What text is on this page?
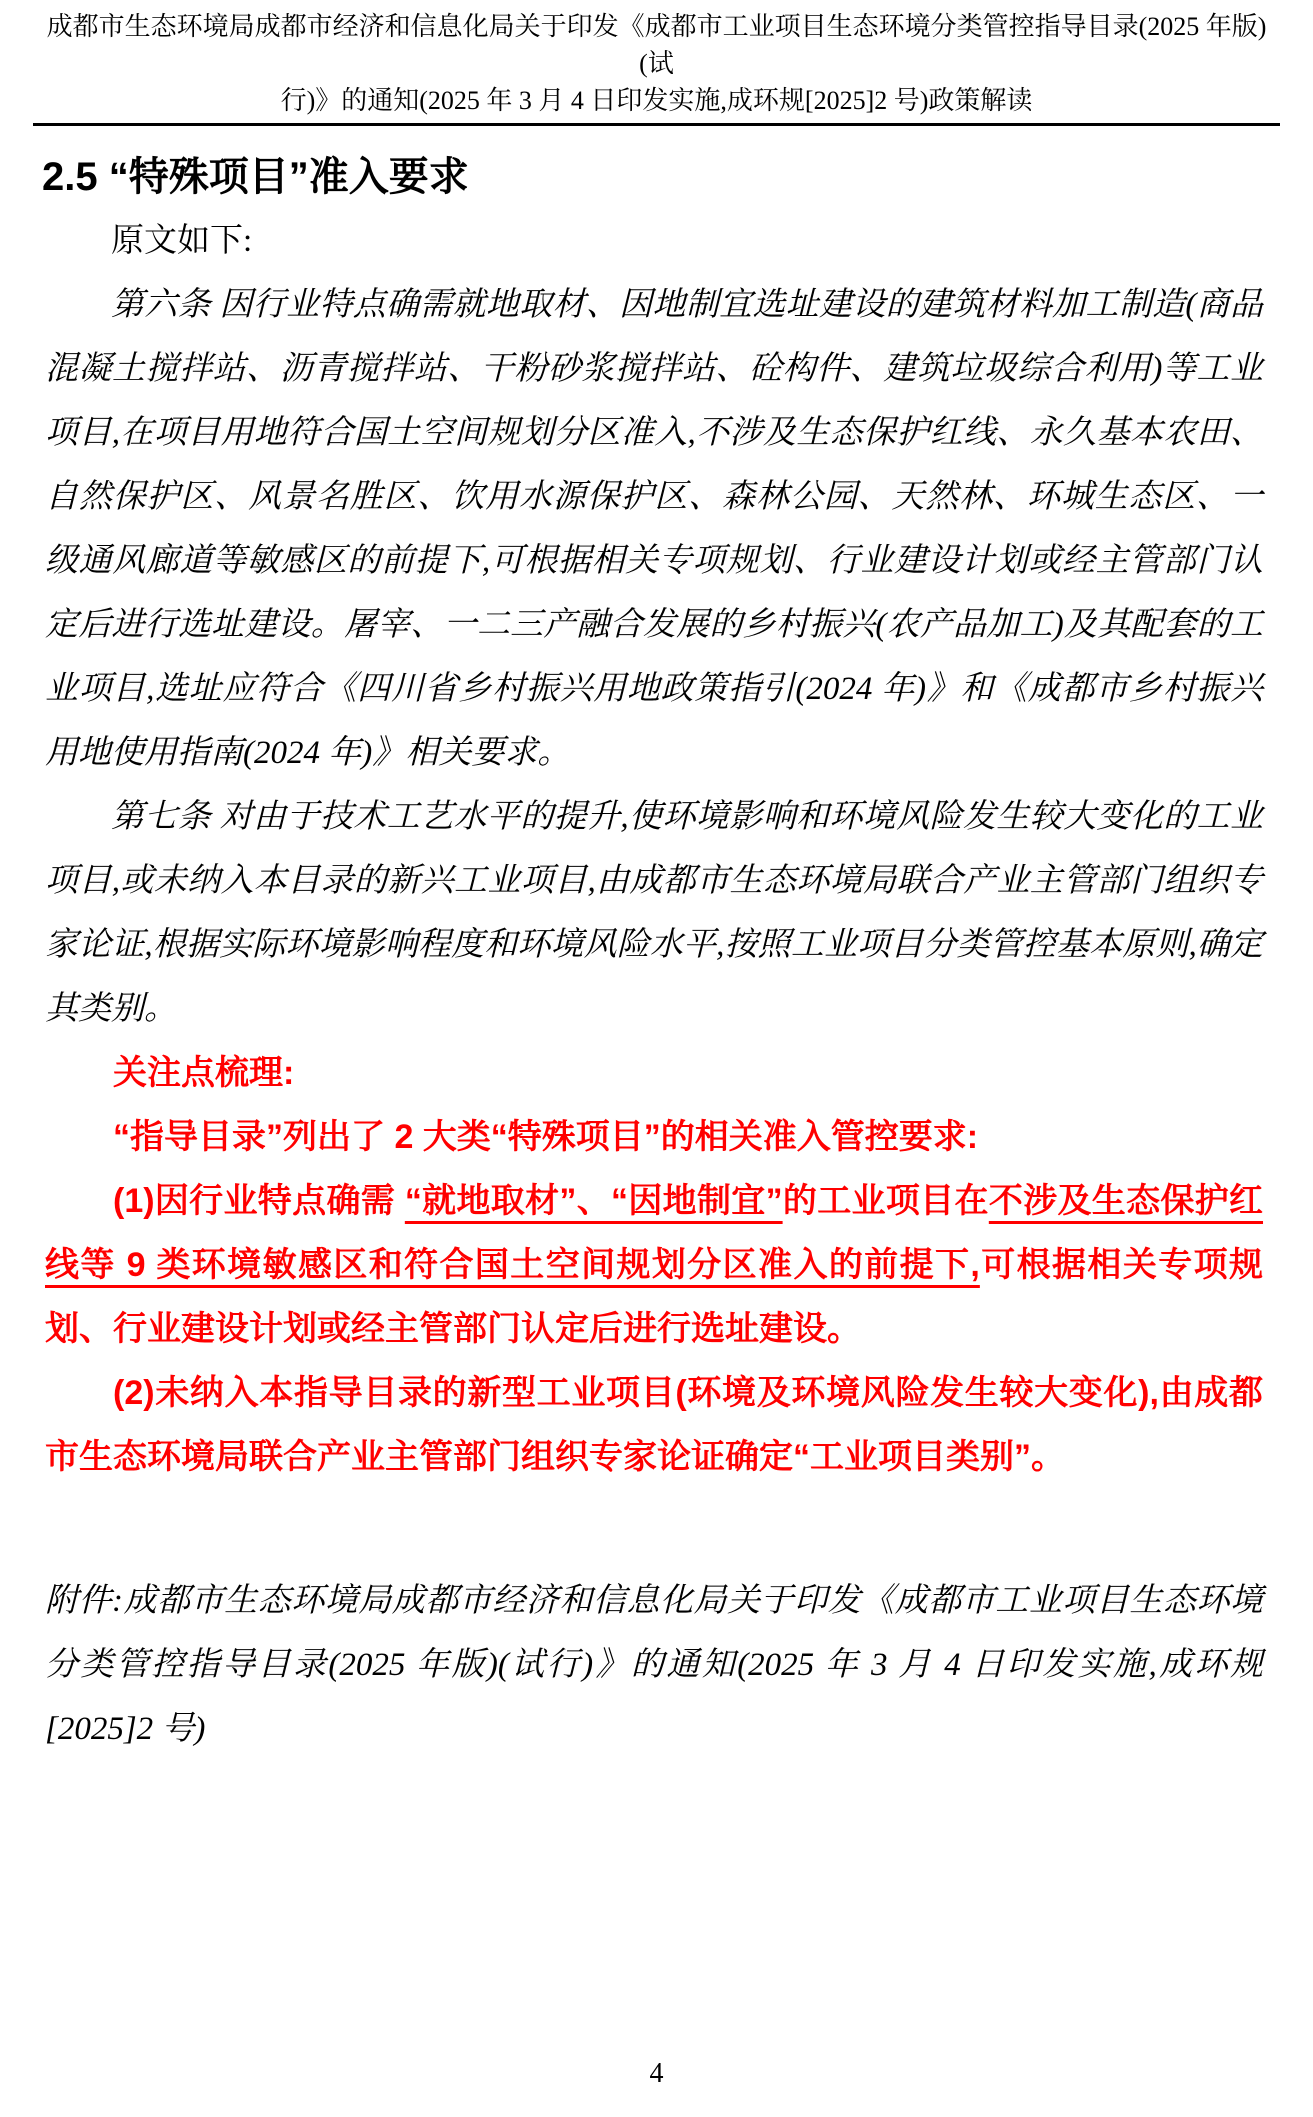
成都市生态环境局成都市经济和信息化局关于印发《成都市工业项目生态环境分类管控指导目录(2025 年版)(试
行)》的通知(2025 年 3 月 4 日印发实施,成环规[2025]2 号)政策解读
2.5 “特殊项目”准入要求

原文如下:

第六条 因行业特点确需就地取材、因地制宜选址建设的建筑材料加工制造(商品混凝土搅拌站、沥青搅拌站、干粉砂浆搅拌站、砼构件、建筑垃圾综合利用)等工业项目,在项目用地符合国土空间规划分区准入,不涉及生态保护红线、永久基本农田、自然保护区、风景名胜区、饮用水源保护区、森林公园、天然林、环城生态区、一级通风廊道等敏感区的前提下,可根据相关专项规划、行业建设计划或经主管部门认定后进行选址建设。屠宰、一二三产融合发展的乡村振兴(农产品加工)及其配套的工业项目,选址应符合《四川省乡村振兴用地政策指引(2024 年)》和《成都市乡村振兴用地使用指南(2024 年)》相关要求。

第七条 对由于技术工艺水平的提升,使环境影响和环境风险发生较大变化的工业项目,或未纳入本目录的新兴工业项目,由成都市生态环境局联合产业主管部门组织专家论证,根据实际环境影响程度和环境风险水平,按照工业项目分类管控基本原则,确定其类别。

关注点梳理:

“指导目录”列出了 2 大类“特殊项目”的相关准入管控要求:

(1)因行业特点确需 “就地取材”、“因地制宜”的工业项目在不涉及生态保护红线等 9 类环境敏感区和符合国土空间规划分区准入的前提下,可根据相关专项规划、行业建设计划或经主管部门认定后进行选址建设。

(2)未纳入本指导目录的新型工业项目(环境及环境风险发生较大变化),由成都市生态环境局联合产业主管部门组织专家论证确定“工业项目类别”。

附件:成都市生态环境局成都市经济和信息化局关于印发《成都市工业项目生态环境分类管控指导目录(2025 年版)(试行)》的通知(2025 年 3 月 4 日印发实施,成环规[2025]2 号)

4
